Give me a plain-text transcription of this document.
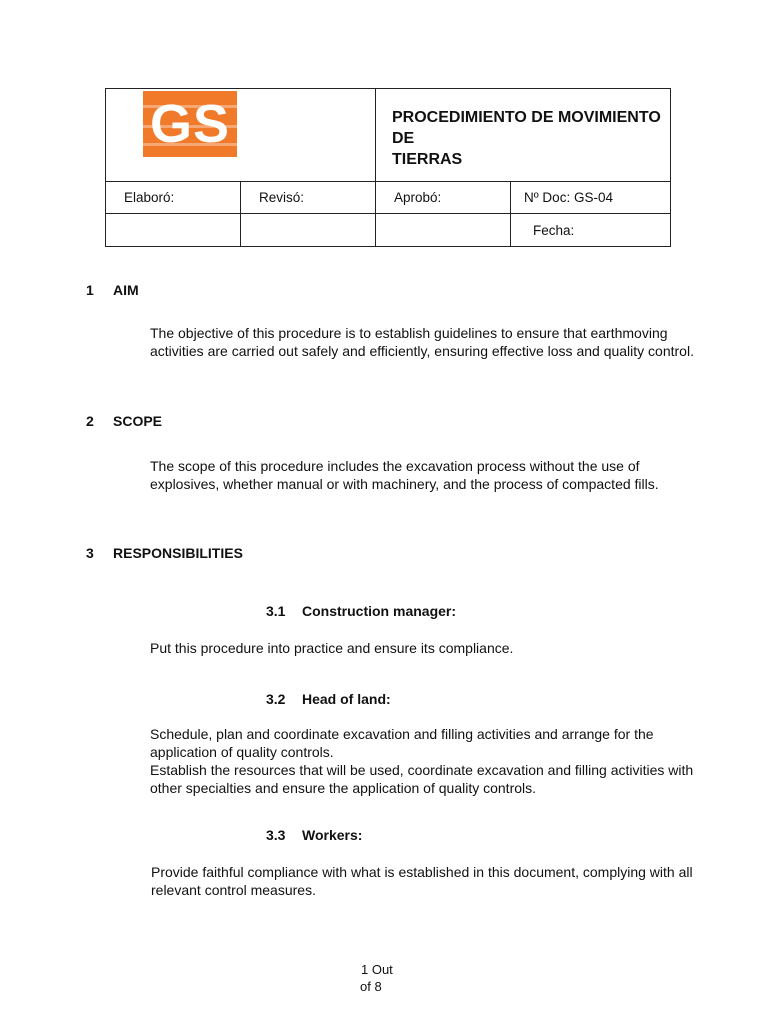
GS		PROCEDIMIENTO DE MOVIMIENTO DE
TIERRAS	

Elaboró:	Revisó:	Aprobó:	Nº Doc: GS-04
			Fecha:
1 AIM

The objective of this procedure is to establish guidelines to ensure that earthmoving activities are carried out safely and efficiently, ensuring effective loss and quality control.

2 SCOPE

The scope of this procedure includes the excavation process without the use of explosives, whether manual or with machinery, and the process of compacted fills.

3 RESPONSIBILITIES
3.1 Construction manager:

Put this procedure into practice and ensure its compliance.

3.2 Head of land:

Schedule, plan and coordinate excavation and filling activities and arrange for the application of quality controls.

Establish the resources that will be used, coordinate excavation and filling activities with other specialties and ensure the application of quality controls.

3.3 Workers:

Provide faithful compliance with what is established in this document, complying with all relevant control measures.

1 Out
of 8
